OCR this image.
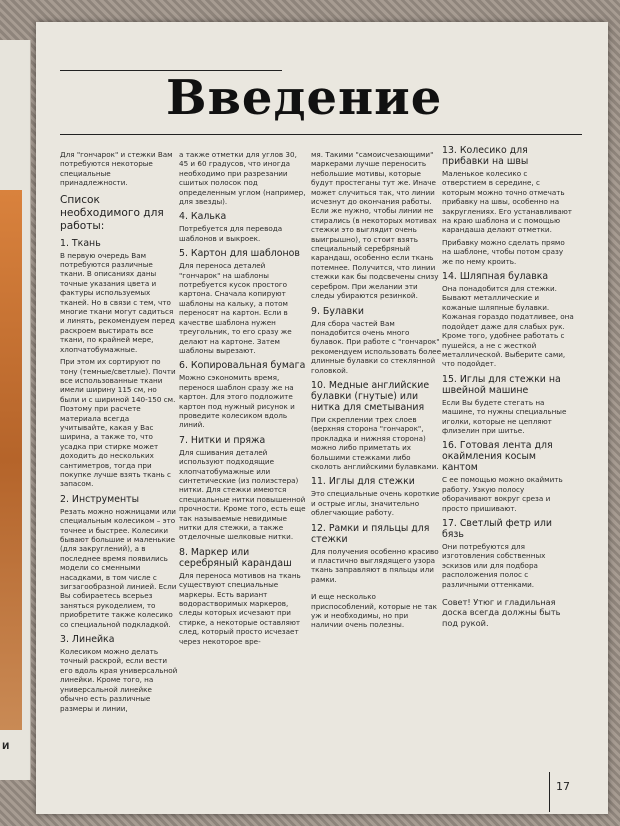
и
Введение

Для "гончарок" и стежки Вам потребуются некоторые специальные принадлежности.

Список необходимого для работы:
1. Ткань

В первую очередь Вам потребуются различные ткани. В описаниях даны точные указания цвета и фактуры используемых тканей. Но в связи с тем, что многие ткани могут садиться и линять, рекомендуем перед раскроем выстирать все ткани, по крайней мере, хлопчатобумажные.

При этом их сортируют по тону (темные/светлые). Почти все использованные ткани имели ширину 115 см, но были и с шириной 140-150 см. Поэтому при расчете материала всегда учитывайте, какая у Вас ширина, а также то, что усадка при стирке может доходить до нескольких сантиметров, тогда при покупке лучше взять ткань с запасом.

2. Инструменты

Резать можно ножницами или специальным колесиком – это точнее и быстрее. Колесики бывают большие и маленькие (для закруглений), а в последнее время появились модели со сменными насадками, в том числе с зигзагообразной линией. Если Вы собираетесь всерьез заняться рукоделием, то приобретите также колесико со специальной подкладкой.

3. Линейка

Колесиком можно делать точный раскрой, если вести его вдоль края универсальной линейки. Кроме того, на универсальной линейке обычно есть различные размеры и линии,

а также отметки для углов 30, 45 и 60 градусов, что иногда необходимо при разрезании сшитых полосок под определенным углом (например, для звезды).

4. Калька

Потребуется для перевода шаблонов и выкроек.

5. Картон для шаблонов

Для переноса деталей "гончарок" на шаблоны потребуется кусок простого картона. Сначала копируют шаблоны на кальку, а потом переносят на картон. Если в качестве шаблона нужен треугольник, то его сразу же делают на картоне. Затем шаблоны вырезают.

6. Копировальная бумага

Можно сэкономить время, перенося шаблон сразу же на картон. Для этого подложите картон под нужный рисунок и проведите колесиком вдоль линий.

7. Нитки и пряжа

Для сшивания деталей используют подходящие хлопчатобумажные или синтетические (из полиэстера) нитки. Для стежки имеются специальные нитки повышенной прочности. Кроме того, есть еще так называемые невидимые нитки для стежки, а также отделочные шелковые нитки.

8. Маркер или серебряный карандаш

Для переноса мотивов на ткань существуют специальные маркеры. Есть вариант водорастворимых маркеров, следы которых исчезают при стирке, а некоторые оставляют след, который просто исчезает через некоторое вре-

мя. Такими "самоисчезающими" маркерами лучше переносить небольшие мотивы, которые будут простеганы тут же. Иначе может случиться так, что линии исчезнут до окончания работы. Если же нужно, чтобы линии не стирались (в некоторых мотивах стежки это выглядит очень выигрышно), то стоит взять специальный серебряный карандаш, особенно если ткань потемнее. Получится, что линии стежки как бы подсвечены снизу серебром. При желании эти следы убираются резинкой.

9. Булавки

Для сбора частей Вам понадобится очень много булавок. При работе с "гончарок" рекомендуем использовать более длинные булавки со стеклянной головкой.

10. Медные английские булавки (гнутые) или нитка для сметывания

При скреплении трех слоев (верхняя сторона "гончарок", прокладка и нижняя сторона) можно либо приметать их большими стежками либо сколоть английскими булавками.

11. Иглы для стежки

Это специальные очень короткие и острые иглы, значительно облегчающие работу.

12. Рамки и пяльцы для стежки

Для получения особенно красиво и пластично выглядящего узора ткань заправляют в пяльцы или рамки.

И еще несколько приспособлений, которые не так уж и необходимы, но при наличии очень полезны.

13. Колесико для прибавки на швы

Маленькое колесико с отверстием в середине, с которым можно точно отмечать прибавку на швы, особенно на закруглениях. Его устанавливают на краю шаблона и с помощью карандаша делают отметки.

Прибавку можно сделать прямо на шаблоне, чтобы потом сразу же по нему кроить.

14. Шляпная булавка

Она понадобится для стежки. Бывают металлические и кожаные шляпные булавки. Кожаная гораздо податливее, она подойдет даже для слабых рук. Кроме того, удобнее работать с пушейся, а не с жесткой металлической. Выберите сами, что подойдет.

15. Иглы для стежки на швейной машине

Если Вы будете стегать на машине, то нужны специальные иголки, которые не цепляют флизелин при шитье.

16. Готовая лента для окаймления косым кантом

С ее помощью можно окаймить работу. Узкую полосу оборачивают вокруг среза и просто пришивают.

17. Светлый фетр или бязь

Они потребуются для изготовления собственных эскизов или для подбора расположения полос с различными оттенками.

Совет! Утюг и гладильная доска всегда должны быть под рукой.

17
